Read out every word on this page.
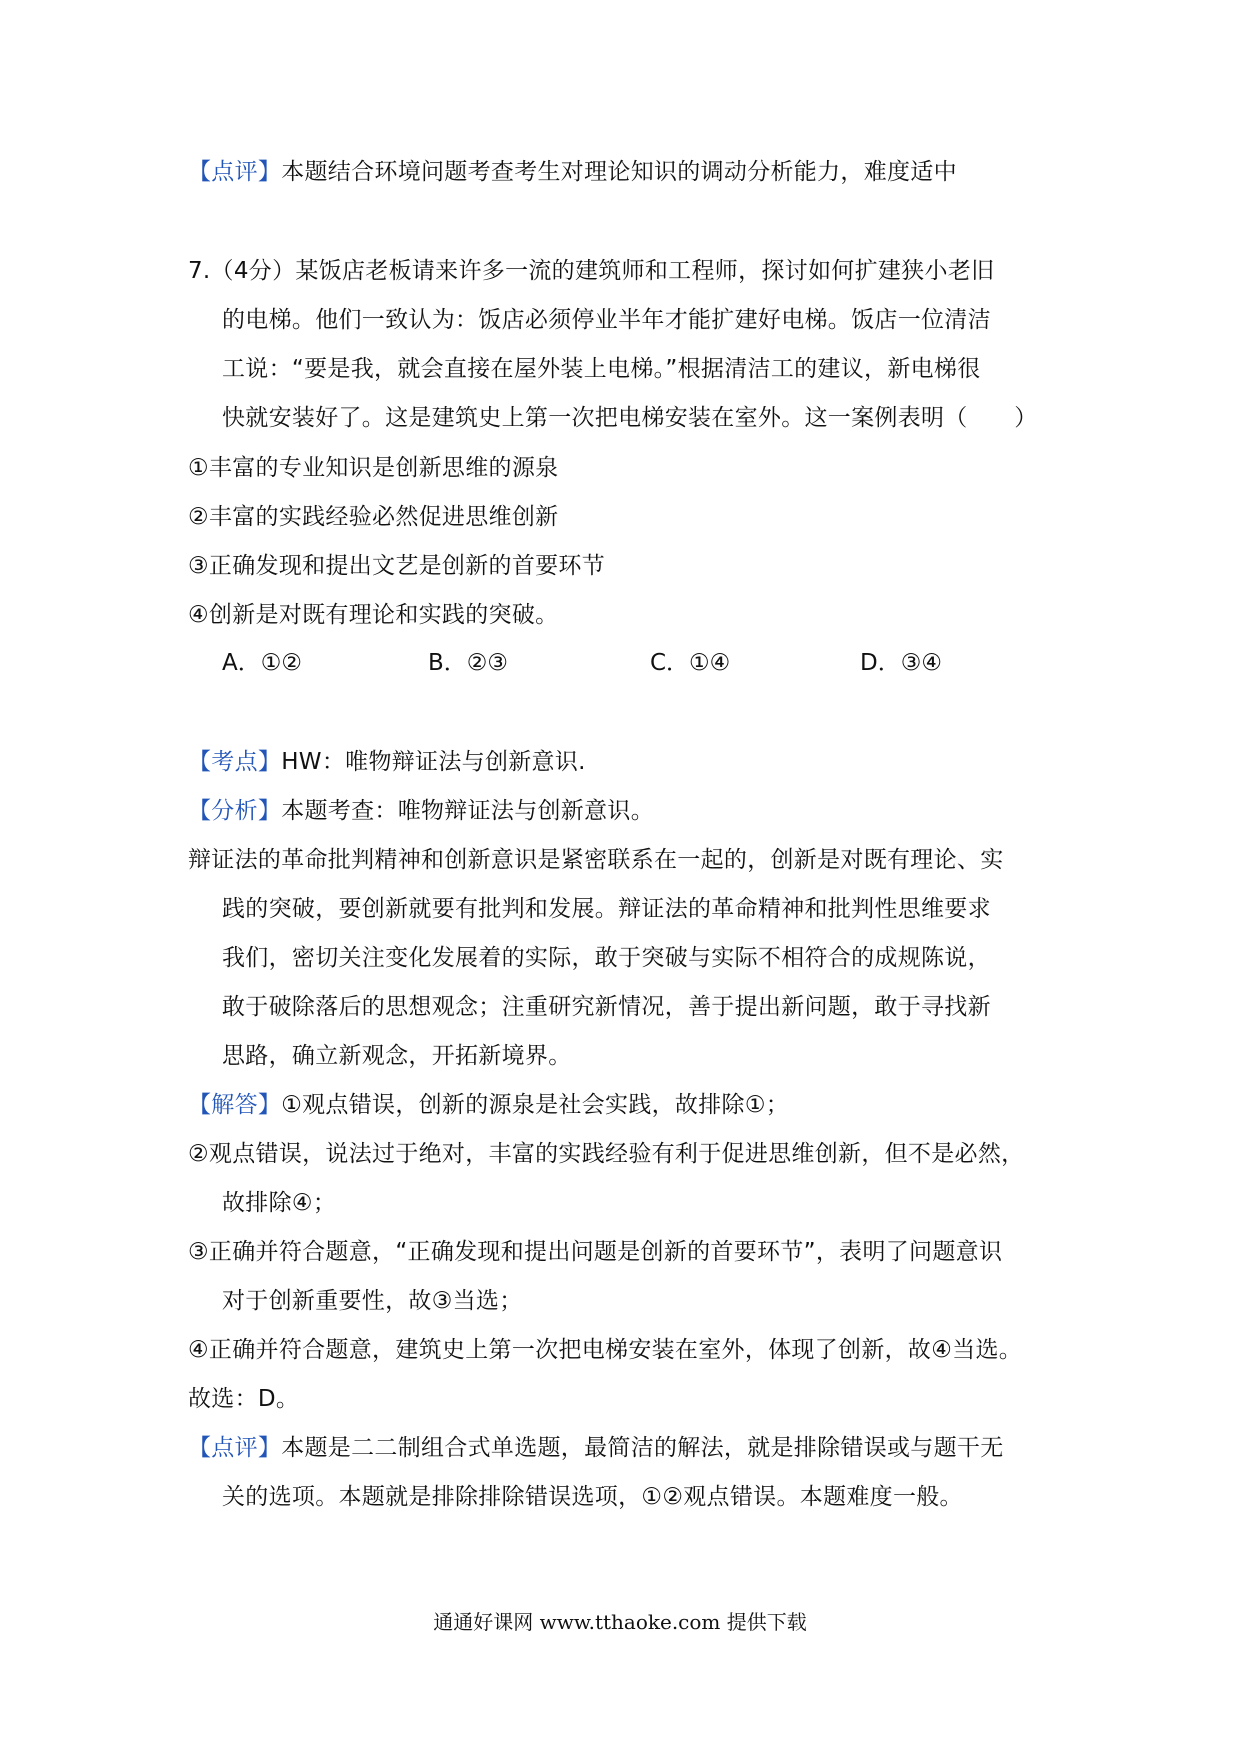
【点评】本题结合环境问题考查考生对理论知识的调动分析能力，难度适中
7.（4分）某饭店老板请来许多一流的建筑师和工程师，探讨如何扩建狭小老旧
的电梯。他们一致认为：饭店必须停业半年才能扩建好电梯。饭店一位清洁
工说：“要是我，就会直接在屋外装上电梯。”根据清洁工的建议，新电梯很
快就安装好了。这是建筑史上第一次把电梯安装在室外。这一案例表明（　　）
①丰富的专业知识是创新思维的源泉
②丰富的实践经验必然促进思维创新
③正确发现和提出文艺是创新的首要环节
④创新是对既有理论和实践的突破。
A．①②	B．②③	C．①④	D．③④
【考点】HW：唯物辩证法与创新意识.
【分析】本题考查：唯物辩证法与创新意识。
辩证法的革命批判精神和创新意识是紧密联系在一起的，创新是对既有理论、实
践的突破，要创新就要有批判和发展。辩证法的革命精神和批判性思维要求
我们，密切关注变化发展着的实际，敢于突破与实际不相符合的成规陈说，
敢于破除落后的思想观念；注重研究新情况，善于提出新问题，敢于寻找新
思路，确立新观念，开拓新境界。
【解答】①观点错误，创新的源泉是社会实践，故排除①；
②观点错误，说法过于绝对，丰富的实践经验有利于促进思维创新，但不是必然，
故排除④；
③正确并符合题意，“正确发现和提出问题是创新的首要环节”，表明了问题意识
对于创新重要性，故③当选；
④正确并符合题意，建筑史上第一次把电梯安装在室外，体现了创新，故④当选。
故选：D。
【点评】本题是二二制组合式单选题，最简洁的解法，就是排除错误或与题干无
关的选项。本题就是排除排除错误选项，①②观点错误。本题难度一般。
通通好课网 www.tthaoke.com 提供下载
